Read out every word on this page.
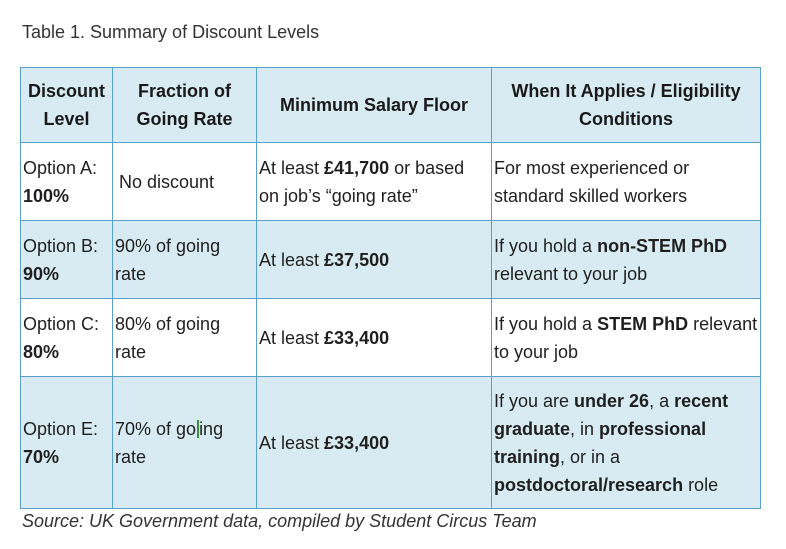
Table 1. Summary of Discount Levels
Discount Level	Fraction of Going Rate	Minimum Salary Floor	When It Applies / Eligibility Conditions
Option A:
100%	No discount	At least £41,700 or based on job’s “going rate”	For most experienced or standard skilled workers
Option B:
90%	90% of going rate	At least £37,500	If you hold a non-STEM PhD relevant to your job
Option C:
80%	80% of going rate	At least £33,400	If you hold a STEM PhD relevant to your job
Option E:
70%	70% of go ing rate	At least £33,400	If you are under 26, a recent graduate, in professional training, or in a postdoctoral/research role
Source: UK Government data, compiled by Student Circus Team
